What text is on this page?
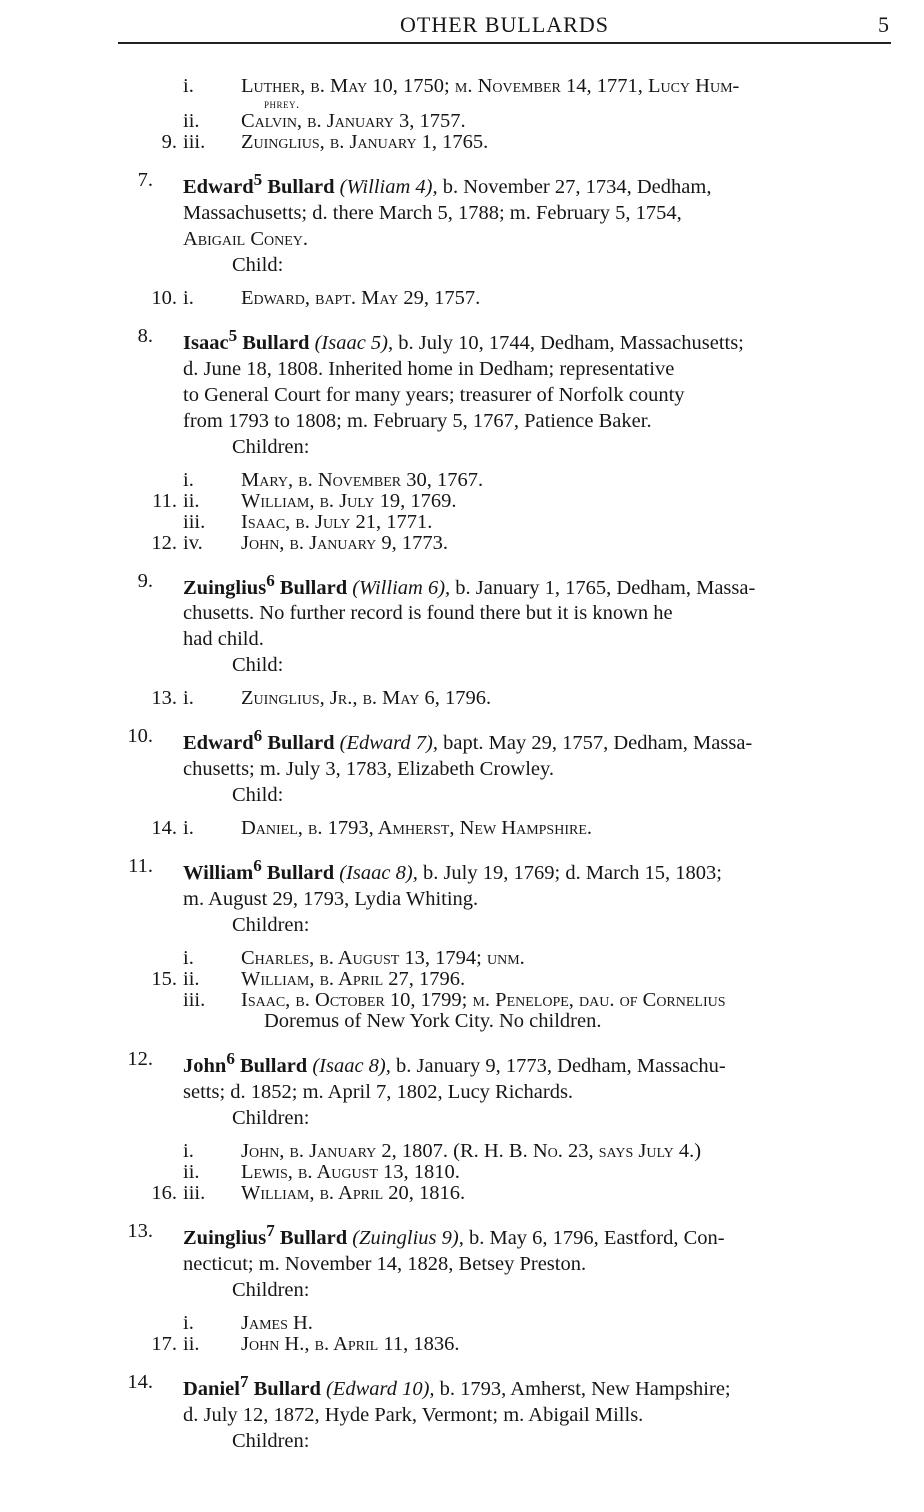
OTHER BULLARDS	5
i. Luther, b. May 10, 1750; m. November 14, 1771, Lucy Hum-
phrey.
ii. Calvin, b. January 3, 1757.
9. iii. Zuinglius, b. January 1, 1765.
7. Edward$^5$ Bullard (William 4), b. November 27, 1734, Dedham,

Massachusetts; d. there March 5, 1788; m. February 5, 1754,

Abigail Coney.

Child:
10. i. Edward, bapt. May 29, 1757.
8. Isaac$^5$ Bullard (Isaac 5), b. July 10, 1744, Dedham, Massachusetts;

d. June 18, 1808. Inherited home in Dedham; representative

to General Court for many years; treasurer of Norfolk county

from 1793 to 1808; m. February 5, 1767, Patience Baker.

Children:
i. Mary, b. November 30, 1767.
11. ii. William, b. July 19, 1769.
iii. Isaac, b. July 21, 1771.
12. iv. John, b. January 9, 1773.
9. Zuinglius$^6$ Bullard (William 6), b. January 1, 1765, Dedham, Massa-

chusetts. No further record is found there but it is known he

had child.

Child:
13. i. Zuinglius, Jr., b. May 6, 1796.
10. Edward$^6$ Bullard (Edward 7), bapt. May 29, 1757, Dedham, Massa-

chusetts; m. July 3, 1783, Elizabeth Crowley.

Child:
14. i. Daniel, b. 1793, Amherst, New Hampshire.
11. William$^6$ Bullard (Isaac 8), b. July 19, 1769; d. March 15, 1803;

m. August 29, 1793, Lydia Whiting.

Children:
i. Charles, b. August 13, 1794; unm.
15. ii. William, b. April 27, 1796.
iii. Isaac, b. October 10, 1799; m. Penelope, dau. of Cornelius
Doremus of New York City. No children.
12. John$^6$ Bullard (Isaac 8), b. January 9, 1773, Dedham, Massachu-

setts; d. 1852; m. April 7, 1802, Lucy Richards.

Children:
i. John, b. January 2, 1807. (R. H. B. No. 23, says July 4.)
ii. Lewis, b. August 13, 1810.
16. iii. William, b. April 20, 1816.
13. Zuinglius$^7$ Bullard (Zuinglius 9), b. May 6, 1796, Eastford, Con-

necticut; m. November 14, 1828, Betsey Preston.

Children:
i. James H.
17. ii. John H., b. April 11, 1836.
14. Daniel$^7$ Bullard (Edward 10), b. 1793, Amherst, New Hampshire;

d. July 12, 1872, Hyde Park, Vermont; m. Abigail Mills.

Children:
